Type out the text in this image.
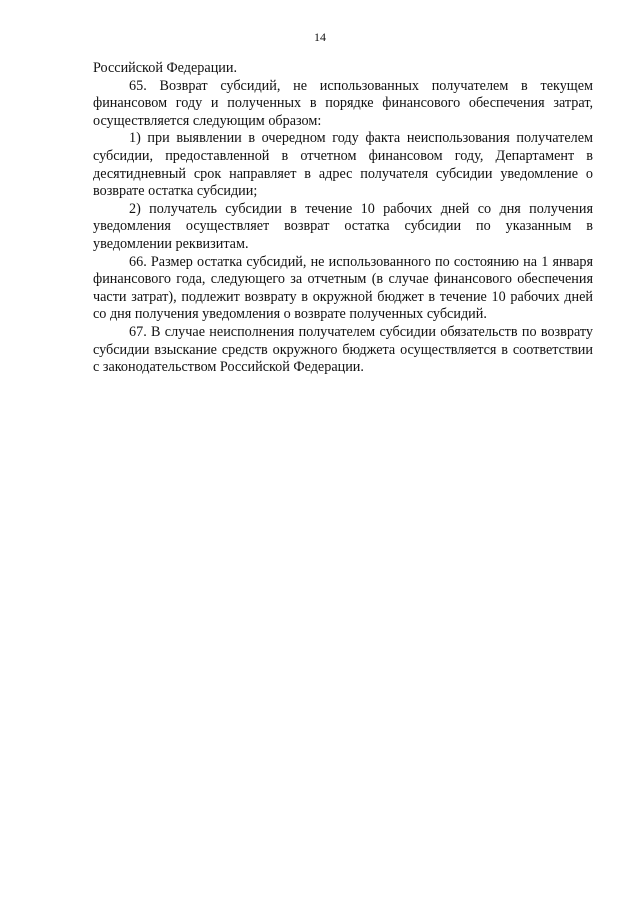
14

Российской Федерации.

65. Возврат субсидий, не использованных получателем в текущем финансовом году и полученных в порядке финансового обеспечения затрат, осуществляется следующим образом:

1) при выявлении в очередном году факта неиспользования получателем субсидии, предоставленной в отчетном финансовом году, Департамент в десятидневный срок направляет в адрес получателя субсидии уведомление о возврате остатка субсидии;

2) получатель субсидии в течение 10 рабочих дней со дня получения уведомления осуществляет возврат остатка субсидии по указанным в уведомлении реквизитам.

66. Размер остатка субсидий, не использованного по состоянию на 1 января финансового года, следующего за отчетным (в случае финансового обеспечения части затрат), подлежит возврату в окружной бюджет в течение 10 рабочих дней со дня получения уведомления о возврате полученных субсидий.

67. В случае неисполнения получателем субсидии обязательств по возврату субсидии взыскание средств окружного бюджета осуществляется в соответствии с законодательством Российской Федерации.
